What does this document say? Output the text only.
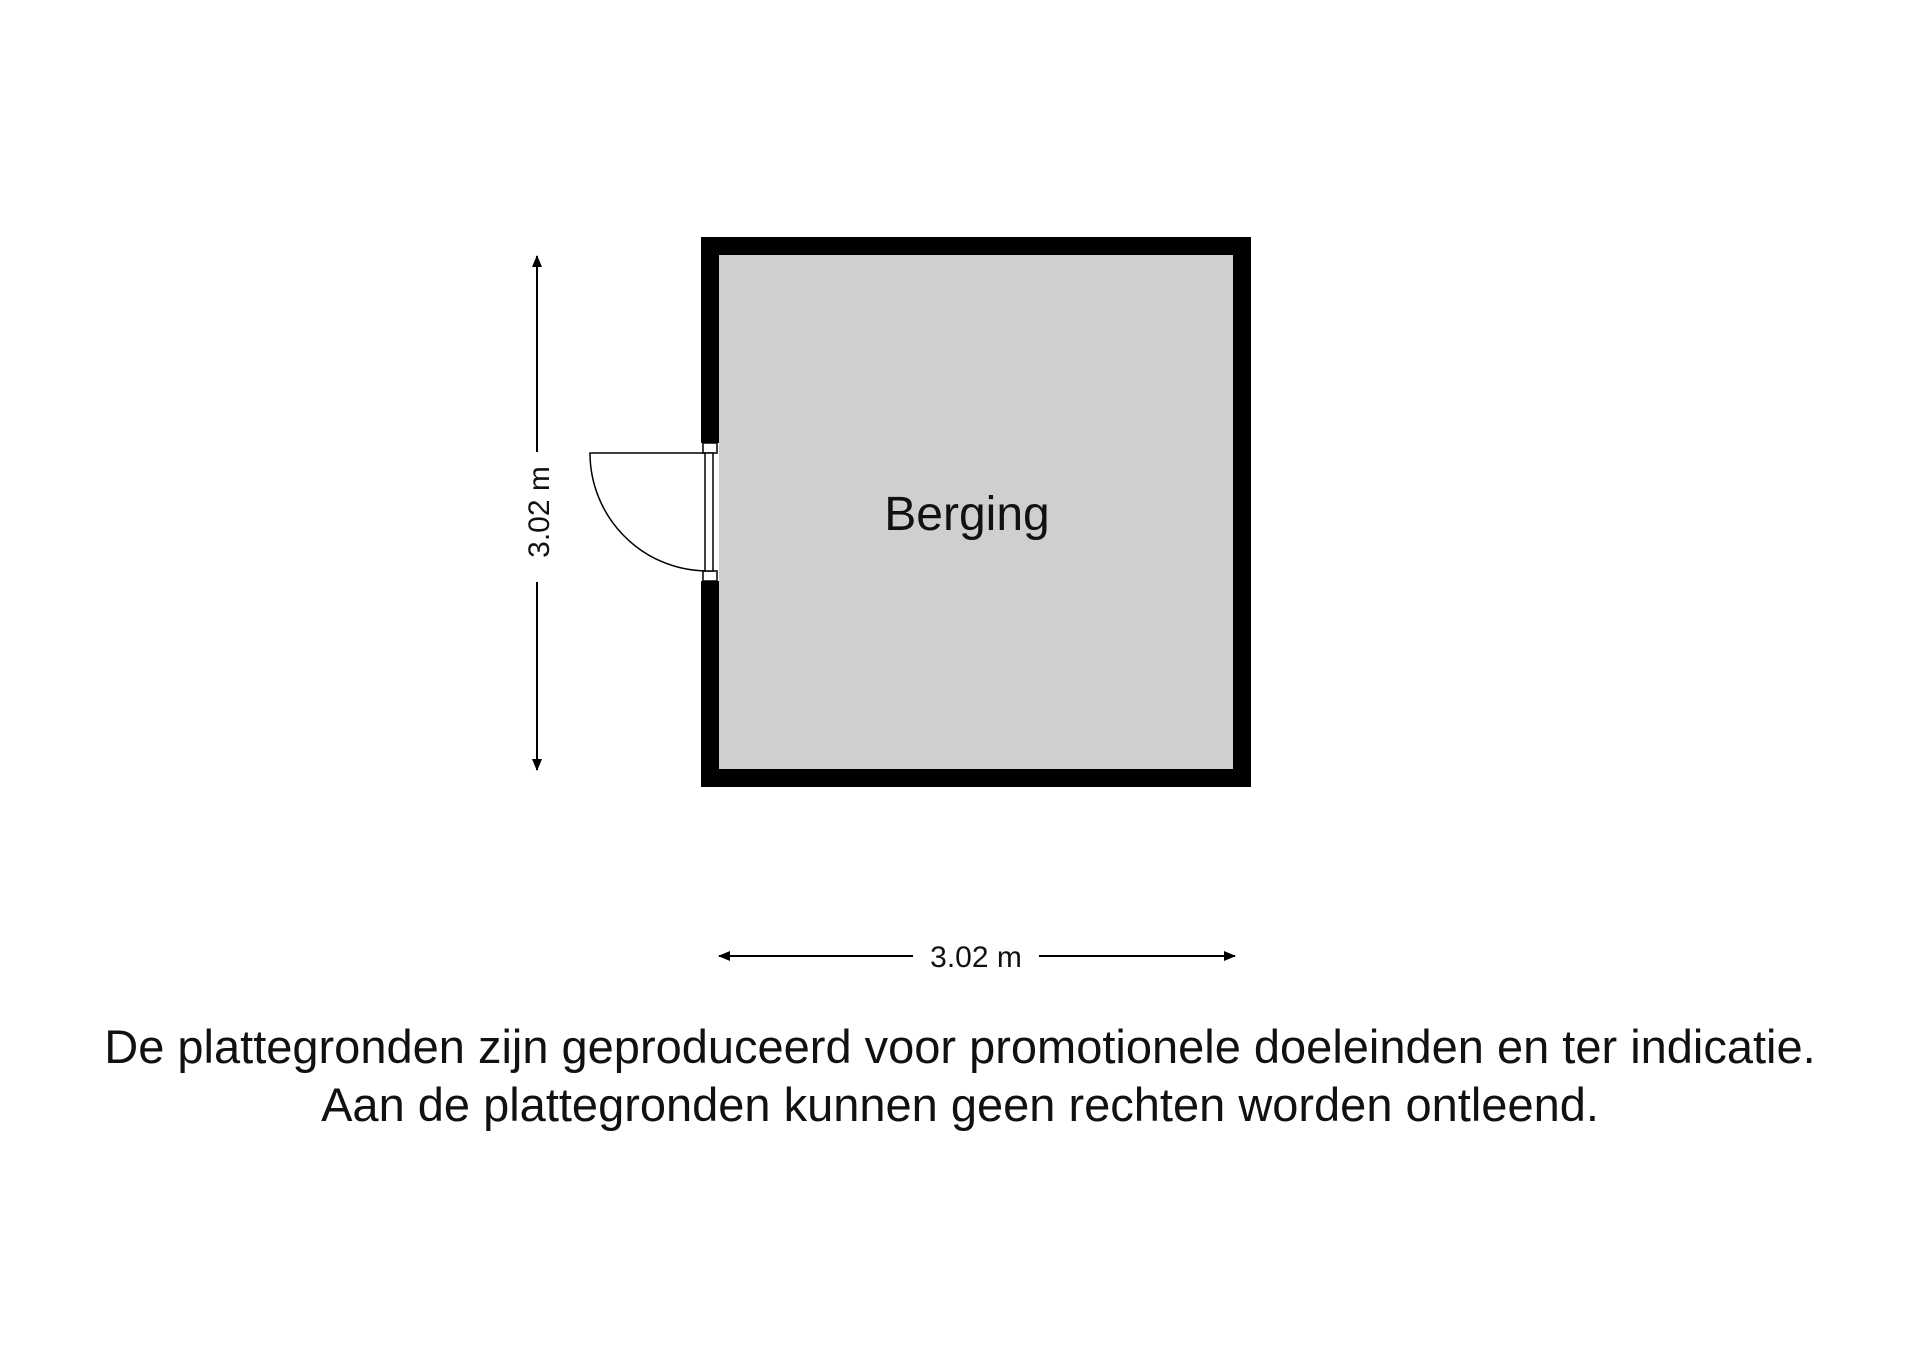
Berging
3.02 m
3.02 m
De plattegronden zijn geproduceerd voor promotionele doeleinden en ter indicatie.
Aan de plattegronden kunnen geen rechten worden ontleend.
